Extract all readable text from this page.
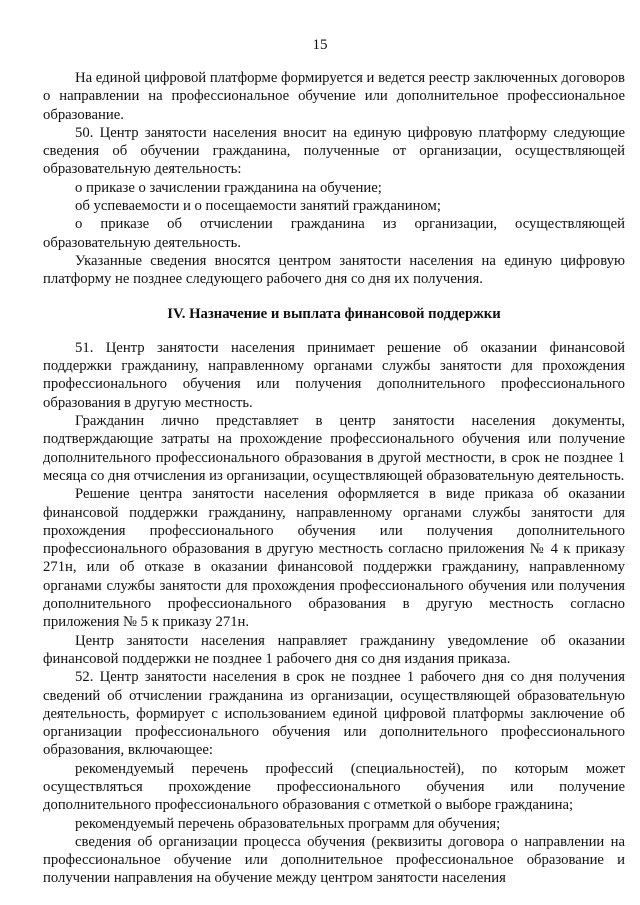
15

На единой цифровой платформе формируется и ведется реестр заключенных договоров о направлении на профессиональное обучение или дополнительное профессиональное образование.

50. Центр занятости населения вносит на единую цифровую платформу следующие сведения об обучении гражданина, полученные от организации, осуществляющей образовательную деятельность:

о приказе о зачислении гражданина на обучение;

об успеваемости и о посещаемости занятий гражданином;

о приказе об отчислении гражданина из организации, осуществляющей образовательную деятельность.

Указанные сведения вносятся центром занятости населения на единую цифровую платформу не позднее следующего рабочего дня со дня их получения.

IV. Назначение и выплата финансовой поддержки

51. Центр занятости населения принимает решение об оказании финансовой поддержки гражданину, направленному органами службы занятости для прохождения профессионального обучения или получения дополнительного профессионального образования в другую местность.

Гражданин лично представляет в центр занятости населения документы, подтверждающие затраты на прохождение профессионального обучения или получение дополнительного профессионального образования в другой местности, в срок не позднее 1 месяца со дня отчисления из организации, осуществляющей образовательную деятельность.

Решение центра занятости населения оформляется в виде приказа об оказании финансовой поддержки гражданину, направленному органами службы занятости для прохождения профессионального обучения или получения дополнительного профессионального образования в другую местность согласно приложения № 4 к приказу 271н, или об отказе в оказании финансовой поддержки гражданину, направленному органами службы занятости для прохождения профессионального обучения или получения дополнительного профессионального образования в другую местность согласно приложения № 5 к приказу 271н.

Центр занятости населения направляет гражданину уведомление об оказании финансовой поддержки не позднее 1 рабочего дня со дня издания приказа.

52. Центр занятости населения в срок не позднее 1 рабочего дня со дня получения сведений об отчислении гражданина из организации, осуществляющей образовательную деятельность, формирует с использованием единой цифровой платформы заключение об организации профессионального обучения или дополнительного профессионального образования, включающее:

рекомендуемый перечень профессий (специальностей), по которым может осуществляться прохождение профессионального обучения или получение дополнительного профессионального образования с отметкой о выборе гражданина;

рекомендуемый перечень образовательных программ для обучения;

сведения об организации процесса обучения (реквизиты договора о направлении на профессиональное обучение или дополнительное профессиональное образование и получении направления на обучение между центром занятости населения
